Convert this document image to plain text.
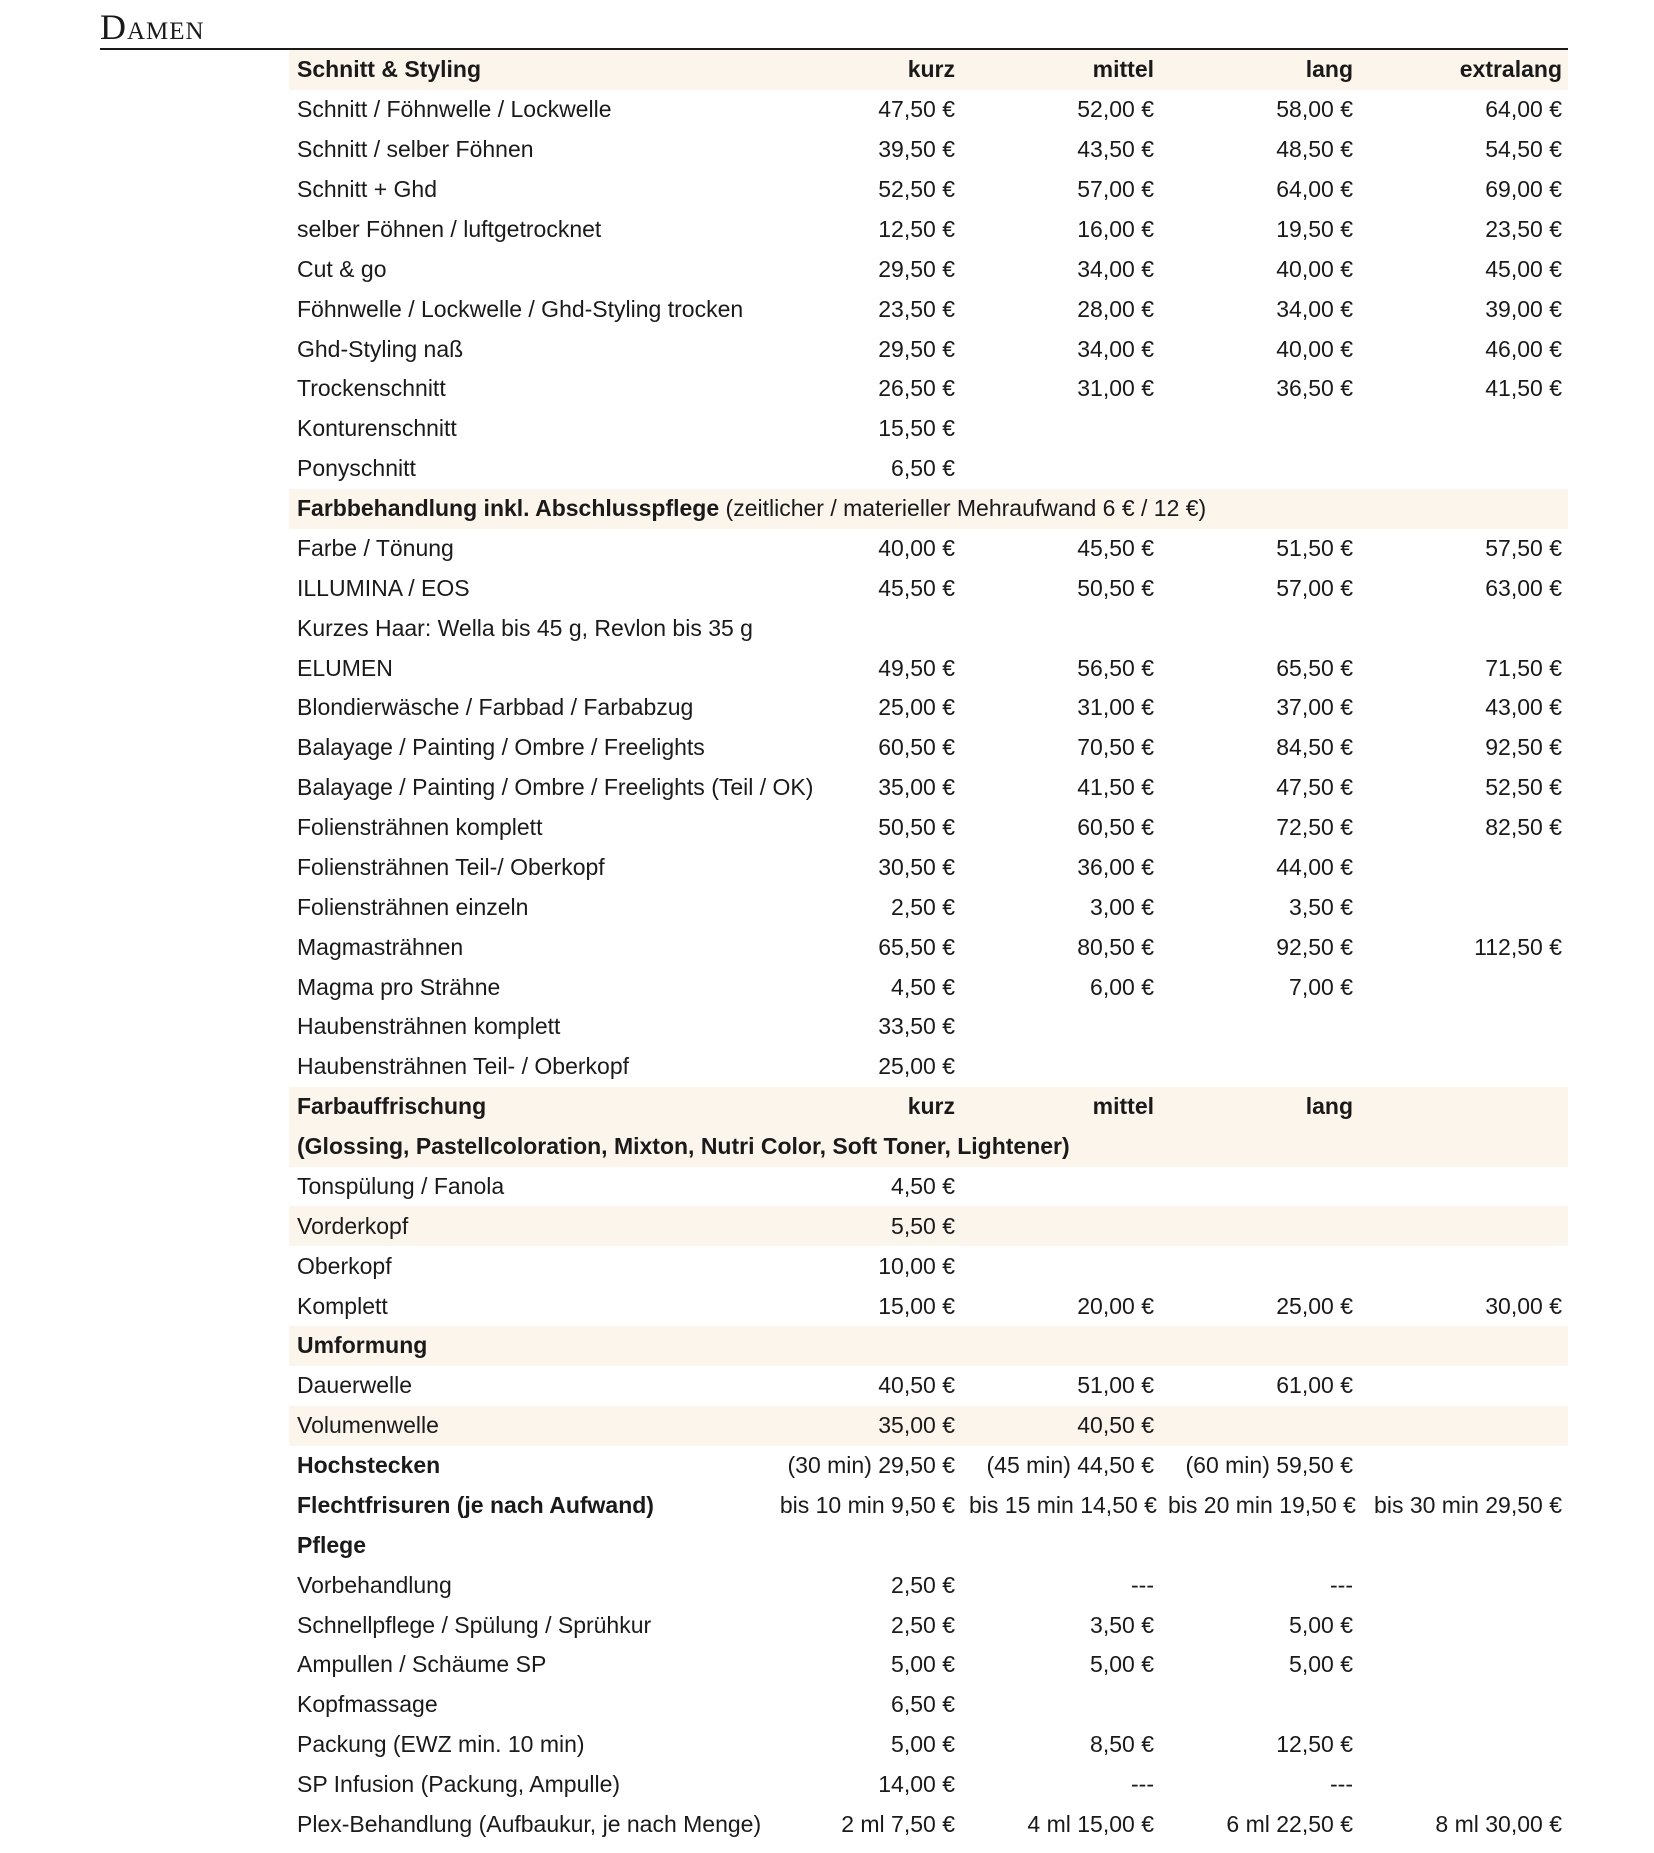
Damen
Schnitt & Styling	kurz	mittel	lang	extralang
Schnitt / Föhnwelle / Lockwelle	47,50 €	52,00 €	58,00 €	64,00 €
Schnitt / selber Föhnen	39,50 €	43,50 €	48,50 €	54,50 €
Schnitt + Ghd	52,50 €	57,00 €	64,00 €	69,00 €
selber Föhnen / luftgetrocknet	12,50 €	16,00 €	19,50 €	23,50 €
Cut & go	29,50 €	34,00 €	40,00 €	45,00 €
Föhnwelle / Lockwelle / Ghd-Styling trocken	23,50 €	28,00 €	34,00 €	39,00 €
Ghd-Styling naß	29,50 €	34,00 €	40,00 €	46,00 €
Trockenschnitt	26,50 €	31,00 €	36,50 €	41,50 €
Konturenschnitt	15,50 €			
Ponyschnitt	6,50 €			
Farbbehandlung inkl. Abschlusspflege (zeitlicher / materieller Mehraufwand 6 € / 12 €)				
Farbe / Tönung	40,00 €	45,50 €	51,50 €	57,50 €
ILLUMINA / EOS	45,50 €	50,50 €	57,00 €	63,00 €
Kurzes Haar: Wella bis 45 g, Revlon bis 35 g				
ELUMEN	49,50 €	56,50 €	65,50 €	71,50 €
Blondierwäsche / Farbbad / Farbabzug	25,00 €	31,00 €	37,00 €	43,00 €
Balayage / Painting / Ombre / Freelights	60,50 €	70,50 €	84,50 €	92,50 €
Balayage / Painting / Ombre / Freelights (Teil / OK)	35,00 €	41,50 €	47,50 €	52,50 €
Foliensträhnen komplett	50,50 €	60,50 €	72,50 €	82,50 €
Foliensträhnen Teil-/ Oberkopf	30,50 €	36,00 €	44,00 €	
Foliensträhnen einzeln	2,50 €	3,00 €	3,50 €	
Magmasträhnen	65,50 €	80,50 €	92,50 €	112,50 €
Magma pro Strähne	4,50 €	6,00 €	7,00 €	
Haubensträhnen komplett	33,50 €			
Haubensträhnen Teil- / Oberkopf	25,00 €			
Farbauffrischung	kurz	mittel	lang	
(Glossing, Pastellcoloration, Mixton, Nutri Color, Soft Toner, Lightener)				
Tonspülung / Fanola	4,50 €			
Vorderkopf	5,50 €			
Oberkopf	10,00 €			
Komplett	15,00 €	20,00 €	25,00 €	30,00 €
Umformung				
Dauerwelle	40,50 €	51,00 €	61,00 €	
Volumenwelle	35,00 €	40,50 €		
Hochstecken	(30 min) 29,50 €	(45 min) 44,50 €	(60 min) 59,50 €	
Flechtfrisuren (je nach Aufwand)	bis 10 min 9,50 €	bis 15 min 14,50 €	bis 20 min 19,50 €	bis 30 min 29,50 €
Pflege				
Vorbehandlung	2,50 €	---	---	
Schnellpflege / Spülung / Sprühkur	2,50 €	3,50 €	5,00 €	
Ampullen / Schäume SP	5,00 €	5,00 €	5,00 €	
Kopfmassage	6,50 €			
Packung (EWZ min. 10 min)	5,00 €	8,50 €	12,50 €	
SP Infusion (Packung, Ampulle)	14,00 €	---	---	
Plex-Behandlung (Aufbaukur, je nach Menge)	2 ml 7,50 €	4 ml 15,00 €	6 ml 22,50 €	8 ml 30,00 €
